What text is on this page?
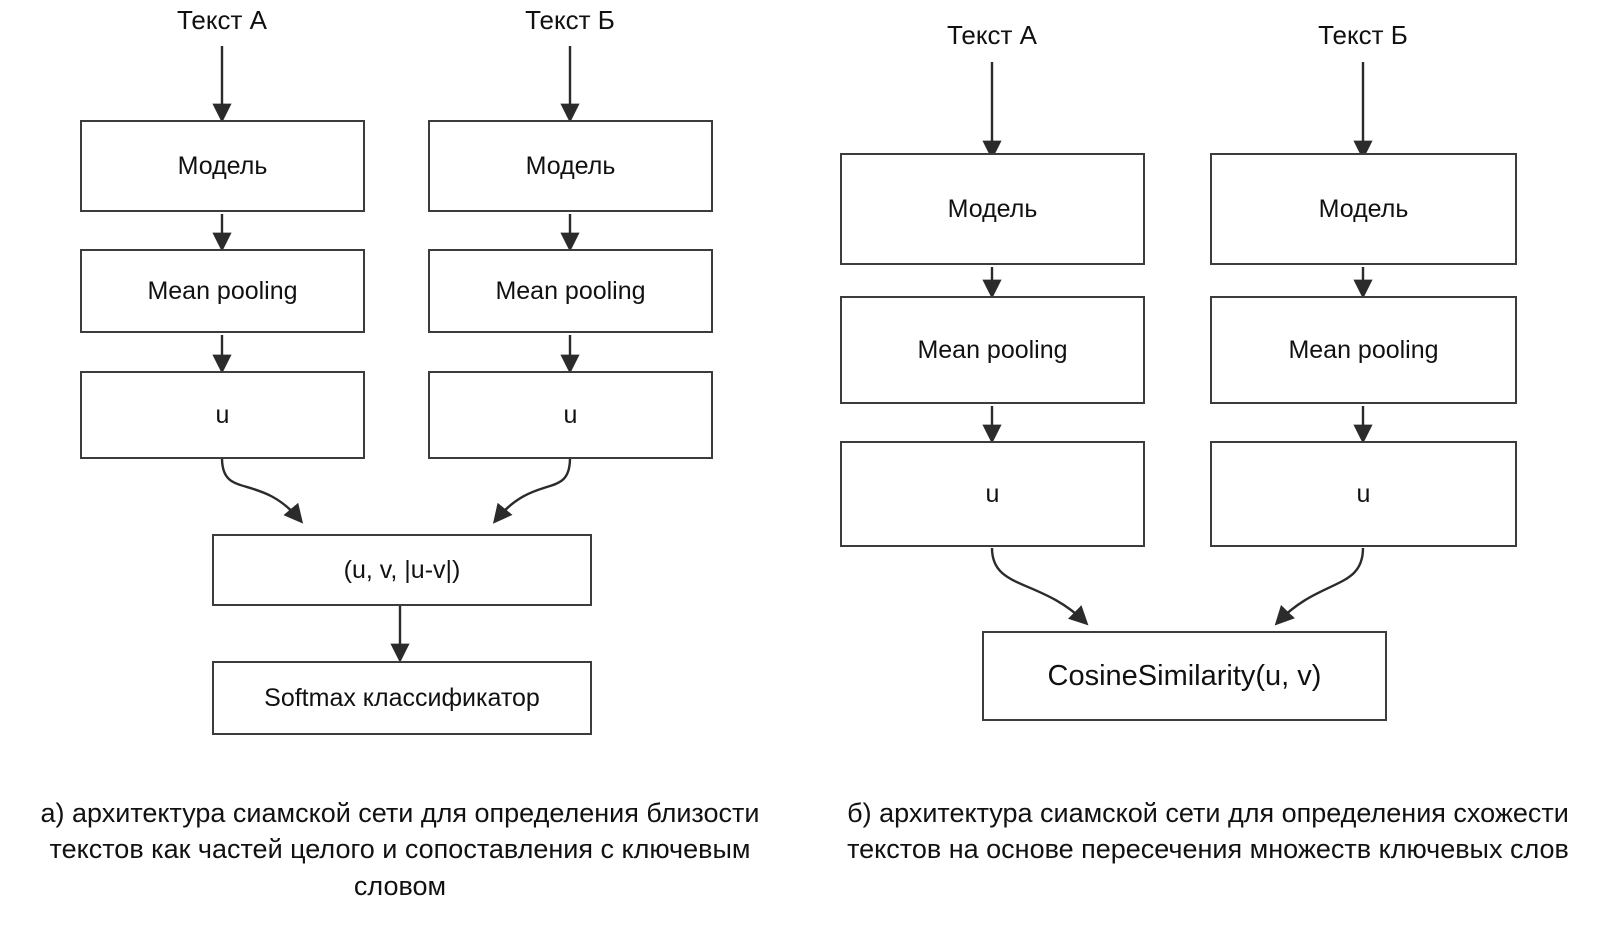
Текст А	Текст Б
Модель
Mean pooling
u
Модель
Mean pooling
u
(u, v, |u-v|)
Softmax классификатор
а) архитектура сиамской сети для определения близости текстов как частей целого и сопоставления с ключевым словом
Текст А	Текст Б
Модель
Mean pooling
u
Модель
Mean pooling
u
CosineSimilarity(u, v)
б) архитектура сиамской сети для определения схожести текстов на основе пересечения множеств ключевых слов
